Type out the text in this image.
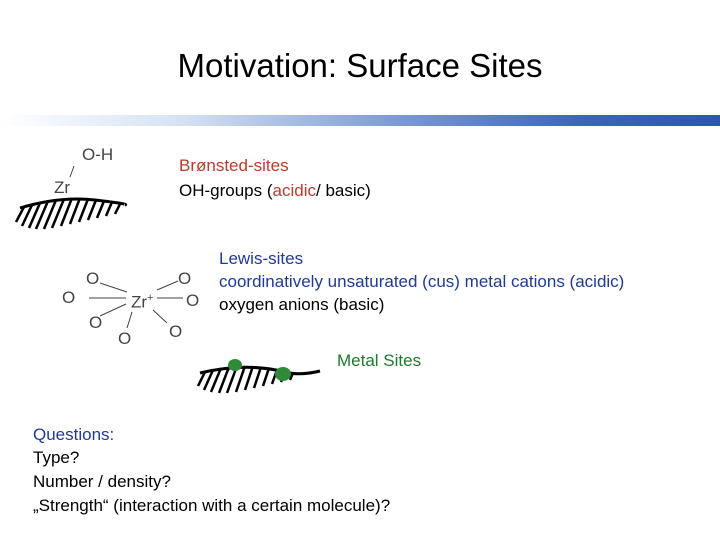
Motivation: Surface Sites
O-H
Zr
Brønsted-sites
OH-groups (acidic/ basic)
O
O
O
O
O
O
O
Zr+
Lewis-sites
coordinatively unsaturated (cus) metal cations (acidic)
oxygen anions (basic)
Metal Sites
Questions:
Type?
Number / density?
„Strength“ (interaction with a certain molecule)?
